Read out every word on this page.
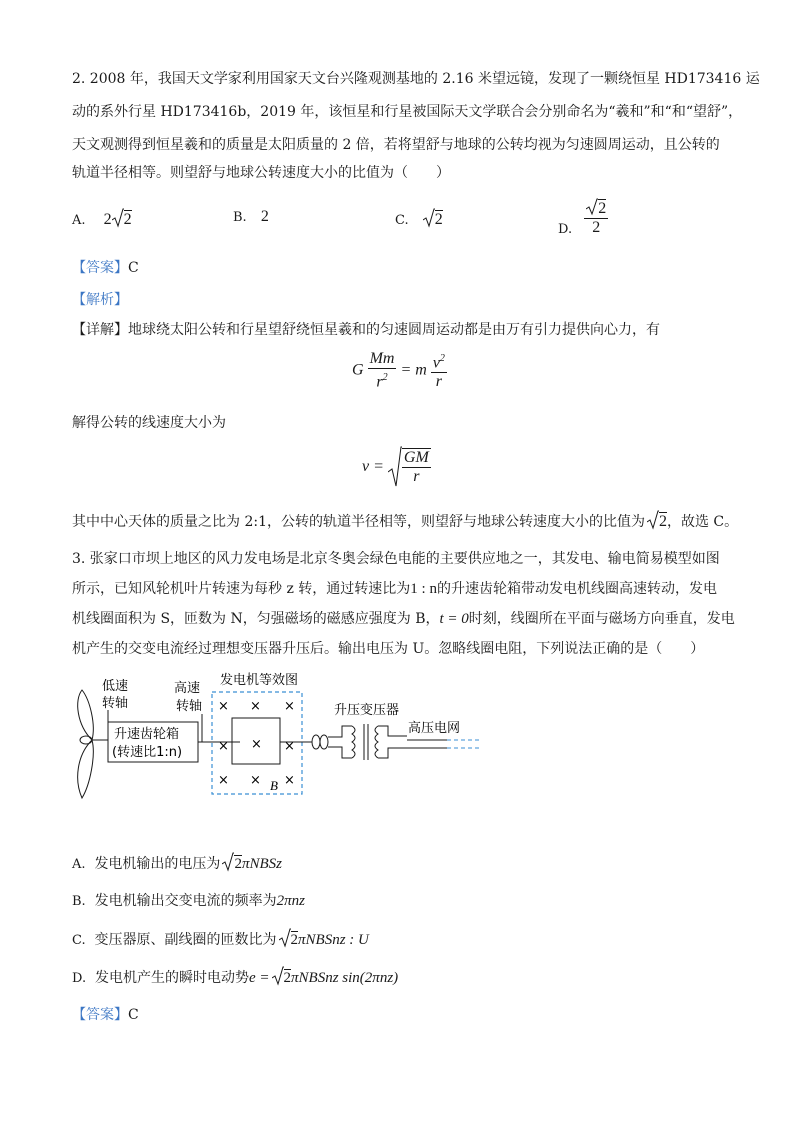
2. 2008 年，我国天文学家利用国家天文台兴隆观测基地的 2.16 米望远镜，发现了一颗绕恒星 HD173416 运
动的系外行星 HD173416b，2019 年，该恒星和行星被国际天文学联合会分别命名为“羲和”和“和“望舒”，
天文观测得到恒星羲和的质量是太阳质量的 2 倍，若将望舒与地球的公转均视为匀速圆周运动，且公转的
轨道半径相等。则望舒与地球公转速度大小的比值为（　　）
A. 2 2	B. 2	C. 2
D. $\frac{2}{2}$
【答案】C
【解析】
【详解】地球绕太阳公转和行星望舒绕恒星羲和的匀速圆周运动都是由万有引力提供向心力，有
G $\frac{Mm}{r^2} = m \frac{v^2}{r}$
解得公转的线速度大小为
$v = \frac{GM}{r}$
其中中心天体的质量之比为 2:1，公转的轨道半径相等，则望舒与地球公转速度大小的比值为 2，故选 C。
3. 张家口市坝上地区的风力发电场是北京冬奥会绿色电能的主要供应地之一，其发电、输电简易模型如图
所示，已知风轮机叶片转速为每秒 z 转，通过转速比为1 : n的升速齿轮箱带动发电机线圈高速转动，发电
机线圈面积为 S，匝数为 N，匀强磁场的磁感应强度为 B，t = 0时刻，线圈所在平面与磁场方向垂直，发电
机产生的交变电流经过理想变压器升压后。输出电压为 U。忽略线圈电阻，下列说法正确的是（　　）
低速
转轴
升速齿轮箱
(转速比1:n)
高速
转轴
发电机等效图
× × ×
× × ×
× × ×
B
升压变压器
高压电网
A. 发电机输出的电压为 2πNBSz
B. 发电机输出交变电流的频率为2πnz
C. 变压器原、副线圈的匝数比为 2πNBSnz : U
D. 发电机产生的瞬时电动势e = 2πNBSnz sin(2πnz)
【答案】C
